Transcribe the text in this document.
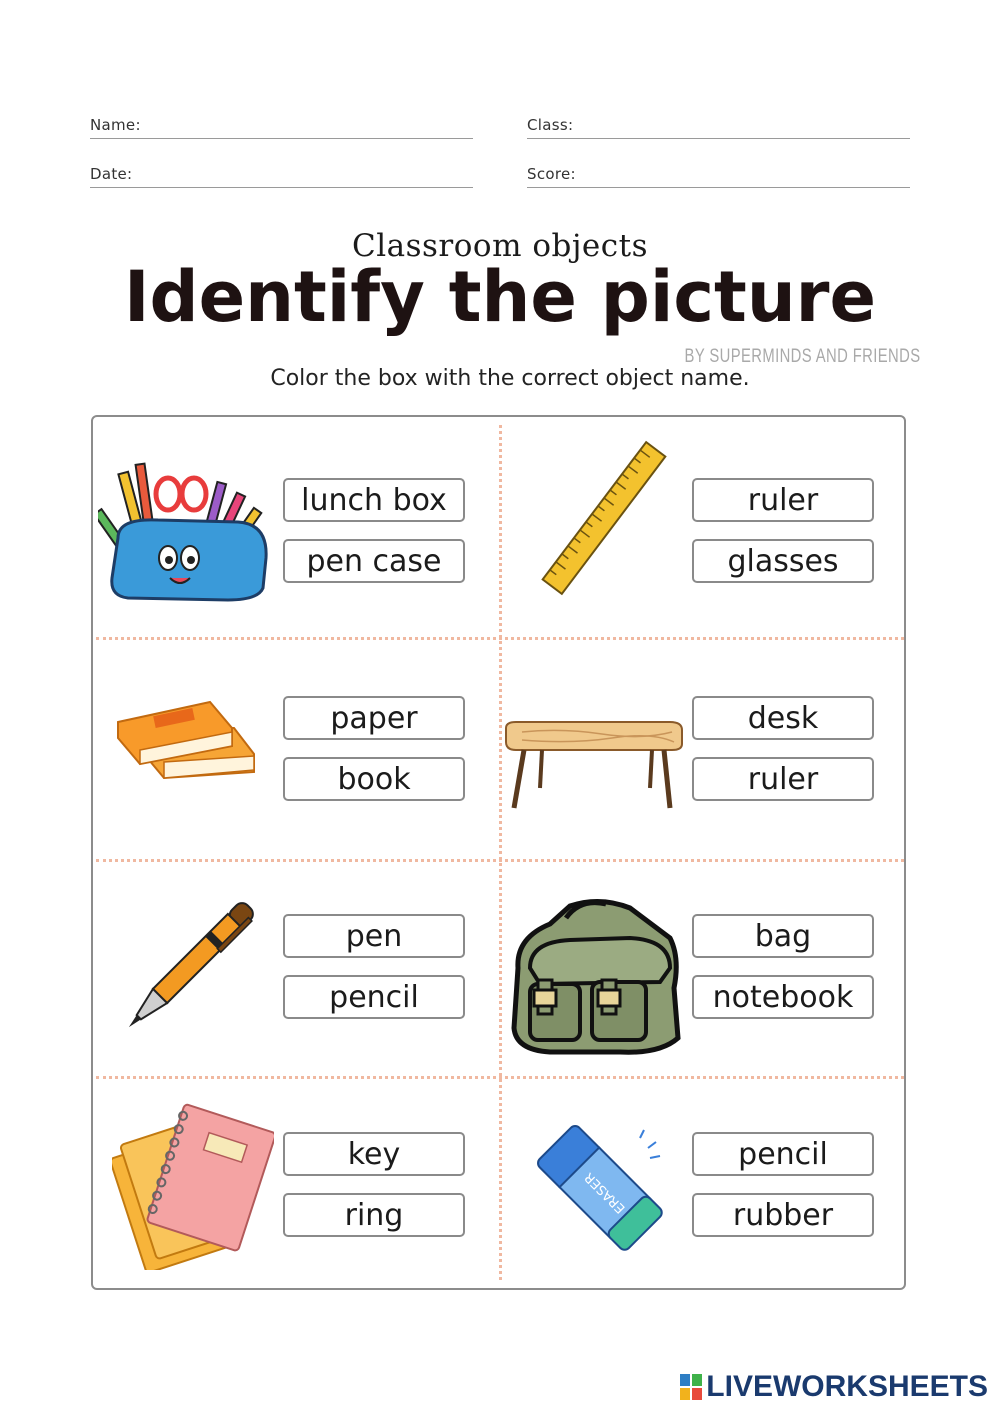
Name:	Class:
Date:	Score:
Classroom objects
Identify the picture
BY SUPERMINDS AND FRIENDS
Color the box with the correct object name.
lunch box
pen case
ruler
glasses
paper
book
desk
ruler
pen
pencil
bag
notebook
key
ring
pencil
rubber
ERASER
LIVEWORKSHEETS
